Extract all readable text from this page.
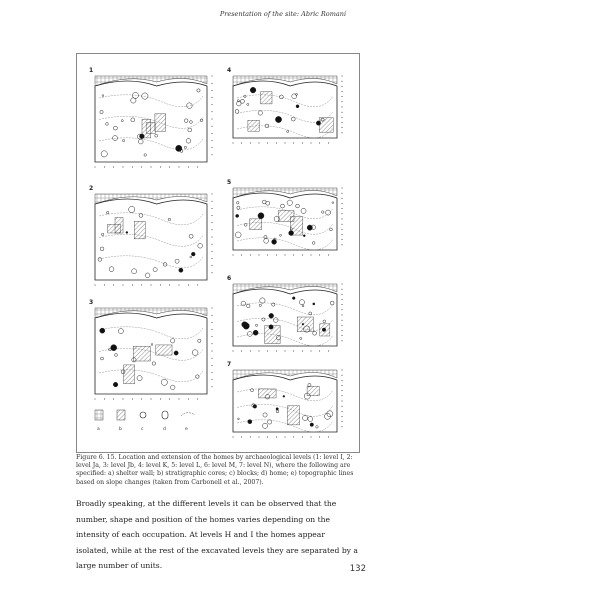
Presentation of the site: Abric Romaní
1
2
3
4
5
6
7
a	b	c	d	e

Figure 6. 15. Location and extension of the homes by archaeological levels (1: level I, 2: level Ja, 3: level Jb, 4: level K, 5: level L, 6: level M, 7: level N), where the following are specified: a) shelter wall; b) stratigraphic cores; c) blocks; d) home; e) topographic lines based on slope changes (taken from Carbonell et al., 2007).

Broadly speaking, at the different levels it can be observed that the number, shape and position of the homes varies depending on the intensity of each occupation. At levels H and I the homes appear isolated, while at the rest of the excavated levels they are separated by a large number of units.	132
